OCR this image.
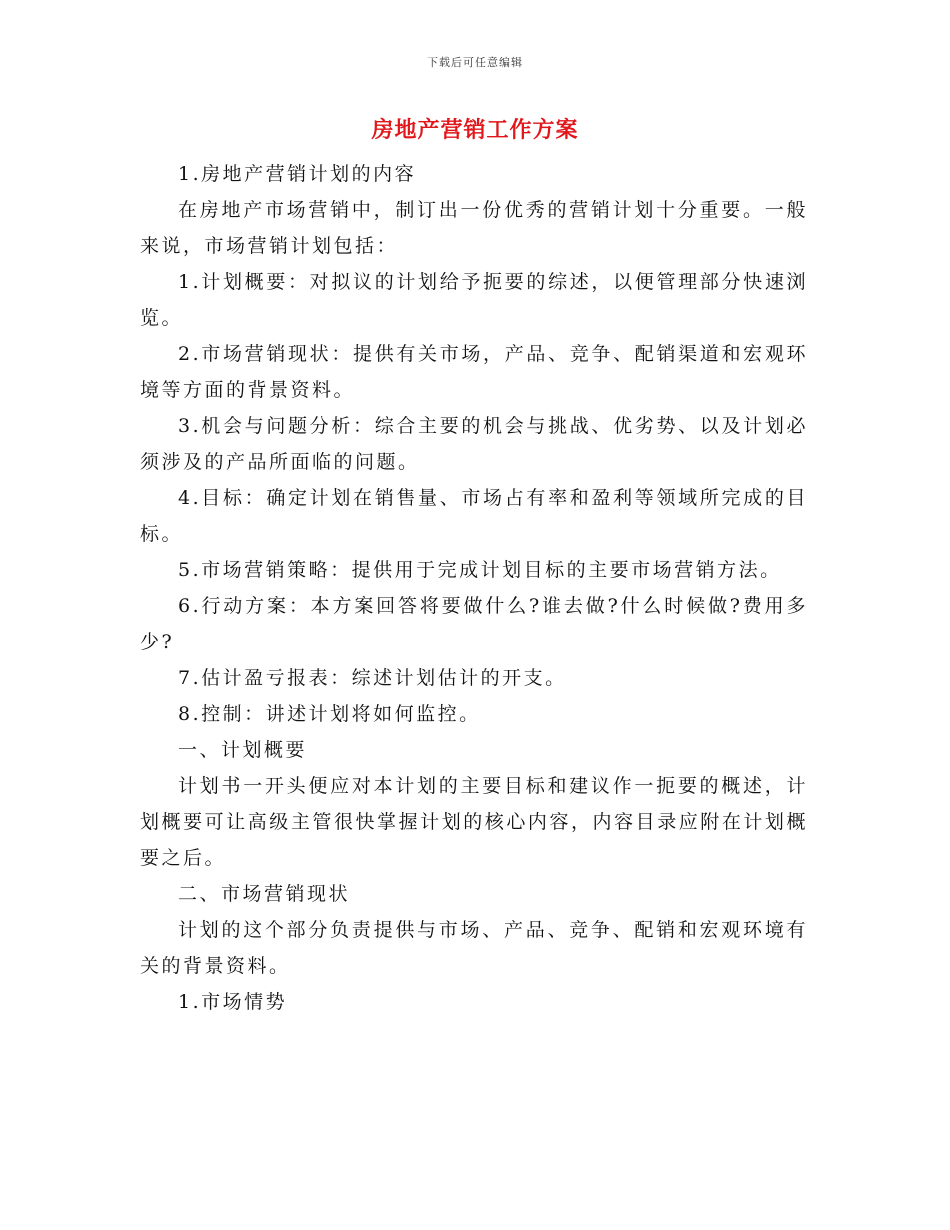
下载后可任意编辑
房地产营销工作方案

1.房地产营销计划的内容

在房地产市场营销中，制订出一份优秀的营销计划十分重要。一般来说，市场营销计划包括：

1.计划概要：对拟议的计划给予扼要的综述，以便管理部分快速浏览。

2.市场营销现状：提供有关市场，产品、竞争、配销渠道和宏观环境等方面的背景资料。

3.机会与问题分析：综合主要的机会与挑战、优劣势、以及计划必须涉及的产品所面临的问题。

4.目标：确定计划在销售量、市场占有率和盈利等领域所完成的目标。

5.市场营销策略：提供用于完成计划目标的主要市场营销方法。

6.行动方案：本方案回答将要做什么?谁去做?什么时候做?费用多少?

7.估计盈亏报表：综述计划估计的开支。

8.控制：讲述计划将如何监控。

一、计划概要

计划书一开头便应对本计划的主要目标和建议作一扼要的概述，计划概要可让高级主管很快掌握计划的核心内容，内容目录应附在计划概要之后。

二、市场营销现状

计划的这个部分负责提供与市场、产品、竞争、配销和宏观环境有关的背景资料。

1.市场情势
